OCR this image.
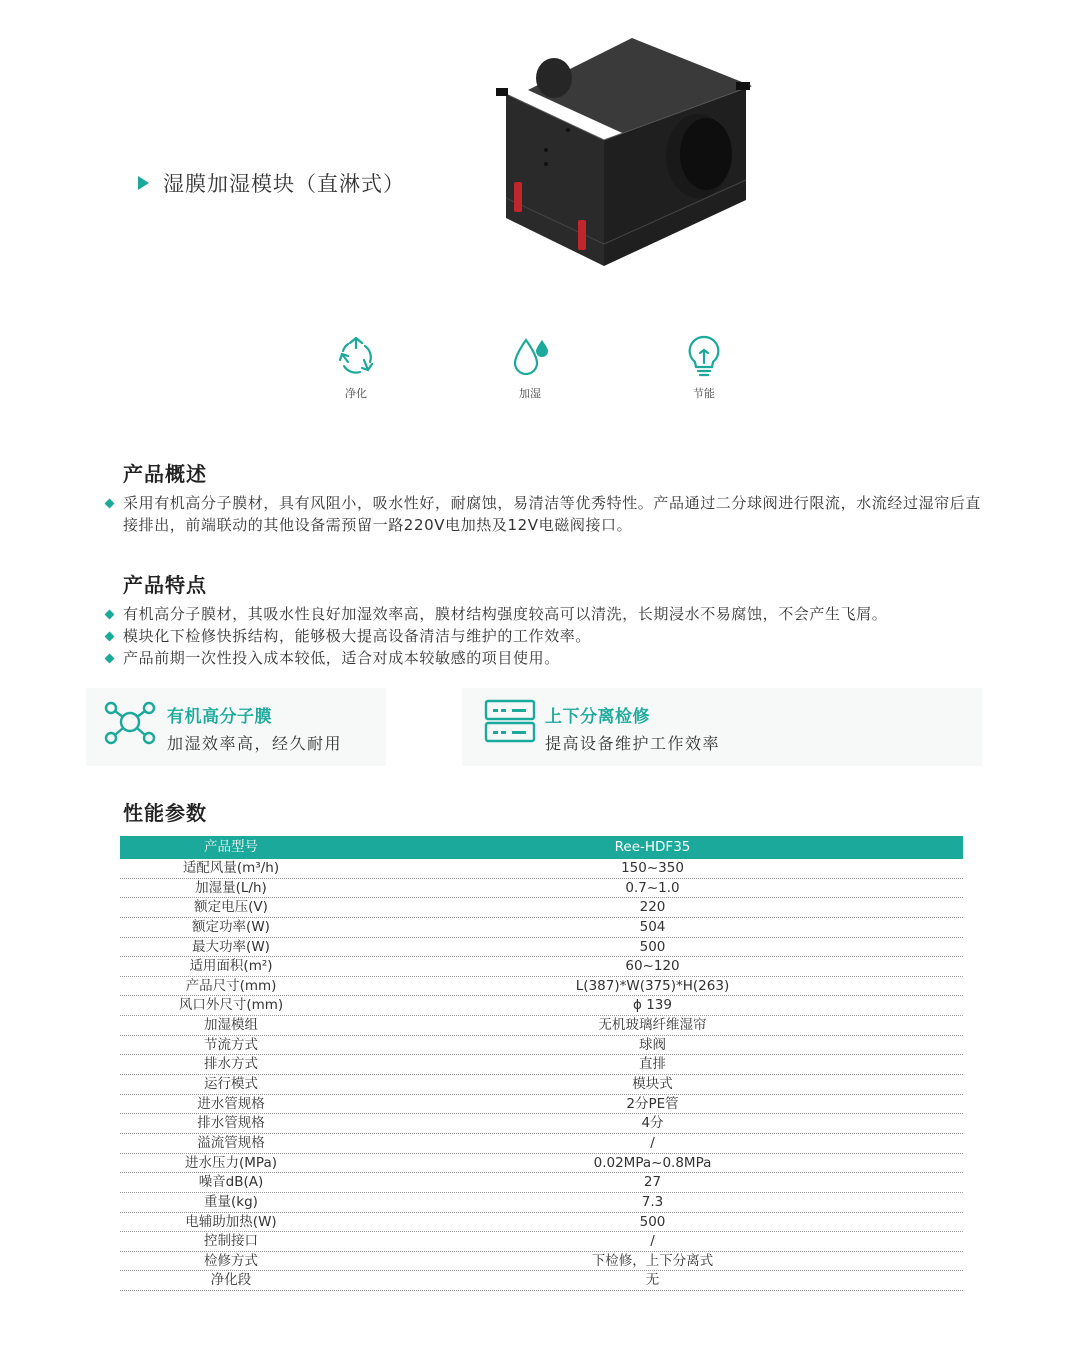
湿膜加湿模块（直淋式）
净化	加湿	节能
产品概述
采用有机高分子膜材，具有风阻小，吸水性好，耐腐蚀，易清洁等优秀特性。产品通过二分球阀进行限流，水流经过湿帘后直接排出，前端联动的其他设备需预留一路220V电加热及12V电磁阀接口。
产品特点
有机高分子膜材，其吸水性良好加湿效率高，膜材结构强度较高可以清洗，长期浸水不易腐蚀，不会产生飞屑。
模块化下检修快拆结构，能够极大提高设备清洁与维护的工作效率。
产品前期一次性投入成本较低，适合对成本较敏感的项目使用。
有机高分子膜
加湿效率高，经久耐用
上下分离检修
提高设备维护工作效率
性能参数
产品型号	Ree-HDF35
适配风量(m³/h)	150~350
加湿量(L/h)	0.7~1.0
额定电压(V)	220
额定功率(W)	504
最大功率(W)	500
适用面积(m²)	60~120
产品尺寸(mm)	L(387)*W(375)*H(263)
风口外尺寸(mm)	ϕ 139
加湿模组	无机玻璃纤维湿帘
节流方式	球阀
排水方式	直排
运行模式	模块式
进水管规格	2分PE管
排水管规格	4分
溢流管规格	/
进水压力(MPa)	0.02MPa~0.8MPa
噪音dB(A)	27
重量(kg)	7.3
电辅助加热(W)	500
控制接口	/
检修方式	下检修，上下分离式
净化段	无
